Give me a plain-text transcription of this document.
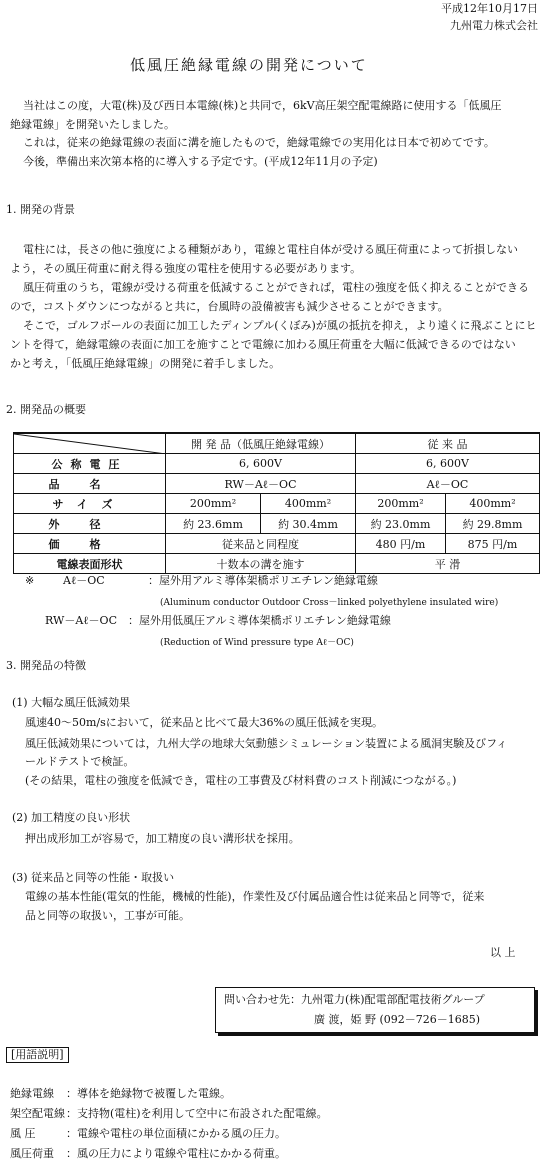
平成12年10月17日
九州電力株式会社
低風圧絶縁電線の開発について
当社はこの度，大電(株)及び西日本電線(株)と共同で，6kV高圧架空配電線路に使用する「低風圧
絶縁電線」を開発いたしました。
これは，従来の絶縁電線の表面に溝を施したもので，絶縁電線での実用化は日本で初めてです。
今後，準備出来次第本格的に導入する予定です。(平成12年11月の予定)
1. 開発の背景
電柱には，長さの他に強度による種類があり，電線と電柱自体が受ける風圧荷重によって折損しない
よう，その風圧荷重に耐え得る強度の電柱を使用する必要があります。
風圧荷重のうち，電線が受ける荷重を低減することができれば，電柱の強度を低く抑えることができる
ので，コストダウンにつながると共に，台風時の設備被害も減少させることができます。
そこで，ゴルフボールの表面に加工したディンプル(くぼみ)が風の抵抗を抑え，より遠くに飛ぶことにヒ
ントを得て，絶縁電線の表面に加工を施すことで電線に加わる風圧荷重を大幅に低減できるのではない
かと考え，「低風圧絶縁電線」の開発に着手しました。
2. 開発品の概要
	開 発 品（低風圧絶縁電線）		従 来 品	
公称電圧	6, 600V		6, 600V	
品名	RW－Aℓ－OC		Aℓ－OC	
サイズ	200mm²	400mm²	200mm²	400mm²
外径	約 23.6mm	約 30.4mm	約 23.0mm	約 29.8mm
価格	従来品と同程度		480 円/m	875 円/m
電線表面形状	十数本の溝を施す		平 滑	
※	Aℓ－OC	：屋外用アルミ導体架橋ポリエチレン絶縁電線
(Aluminum conductor Outdoor Cross－linked polyethylene insulated wire)
RW－Aℓ－OC ：屋外用低風圧アルミ導体架橋ポリエチレン絶縁電線
(Reduction of Wind pressure type Aℓ－OC)
3. 開発品の特徴
(1) 大幅な風圧低減効果
風速40～50m/sにおいて，従来品と比べて最大36%の風圧低減を実現。
風圧低減効果については，九州大学の地球大気動態シミュレーション装置による風洞実験及びフィ
ールドテストで検証。
(その結果，電柱の強度を低減でき，電柱の工事費及び材料費のコスト削減につながる。)
(2) 加工精度の良い形状
押出成形加工が容易で，加工精度の良い溝形状を採用。
(3) 従来品と同等の性能・取扱い
電線の基本性能(電気的性能，機械的性能)，作業性及び付属品適合性は従来品と同等で，従来
品と同等の取扱い，工事が可能。
以 上
問い合わせ先：九州電力(株)配電部配電技術グループ
廣 渡，姫 野 (092－726－1685)
[用語説明]
絶縁電線 ：導体を絶縁物で被覆した電線。
架空配電線 ：支持物(電柱)を利用して空中に布設された配電線。
風 圧	：電線や電柱の単位面積にかかる風の圧力。
風圧荷重 ：風の圧力により電線や電柱にかかる荷重。
